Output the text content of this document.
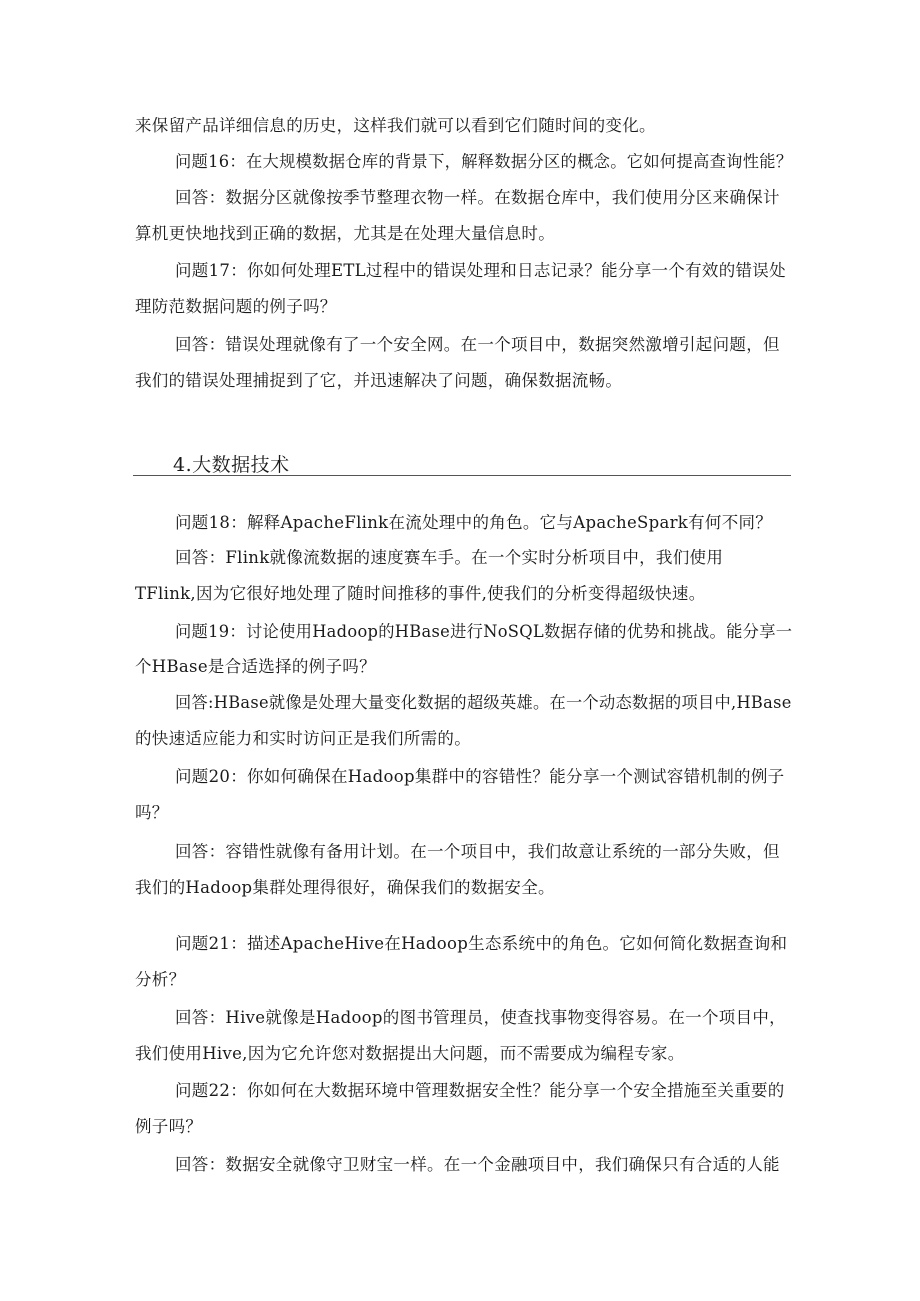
来保留产品详细信息的历史，这样我们就可以看到它们随时间的变化。
问题16：在大规模数据仓库的背景下，解释数据分区的概念。它如何提高查询性能？
回答：数据分区就像按季节整理衣物一样。在数据仓库中，我们使用分区来确保计
算机更快地找到正确的数据，尤其是在处理大量信息时。
问题17：你如何处理ETL过程中的错误处理和日志记录？能分享一个有效的错误处
理防范数据问题的例子吗？
回答：错误处理就像有了一个安全网。在一个项目中，数据突然激增引起问题，但
我们的错误处理捕捉到了它，并迅速解决了问题，确保数据流畅。
4.大数据技术
问题18：解释ApacheFlink在流处理中的角色。它与ApacheSpark有何不同？
回答：Flink就像流数据的速度赛车手。在一个实时分析项目中，我们使用
TFlink,因为它很好地处理了随时间推移的事件,使我们的分析变得超级快速。
问题19：讨论使用Hadoop的HBase进行NoSQL数据存储的优势和挑战。能分享一
个HBase是合适选择的例子吗？
回答:HBase就像是处理大量变化数据的超级英雄。在一个动态数据的项目中,HBase
的快速适应能力和实时访问正是我们所需的。
问题20：你如何确保在Hadoop集群中的容错性？能分享一个测试容错机制的例子
吗？
回答：容错性就像有备用计划。在一个项目中，我们故意让系统的一部分失败，但
我们的Hadoop集群处理得很好，确保我们的数据安全。
问题21：描述ApacheHive在Hadoop生态系统中的角色。它如何简化数据查询和
分析？
回答：Hive就像是Hadoop的图书管理员，使查找事物变得容易。在一个项目中，
我们使用Hive,因为它允许您对数据提出大问题，而不需要成为编程专家。
问题22：你如何在大数据环境中管理数据安全性？能分享一个安全措施至关重要的
例子吗？
回答：数据安全就像守卫财宝一样。在一个金融项目中，我们确保只有合适的人能
